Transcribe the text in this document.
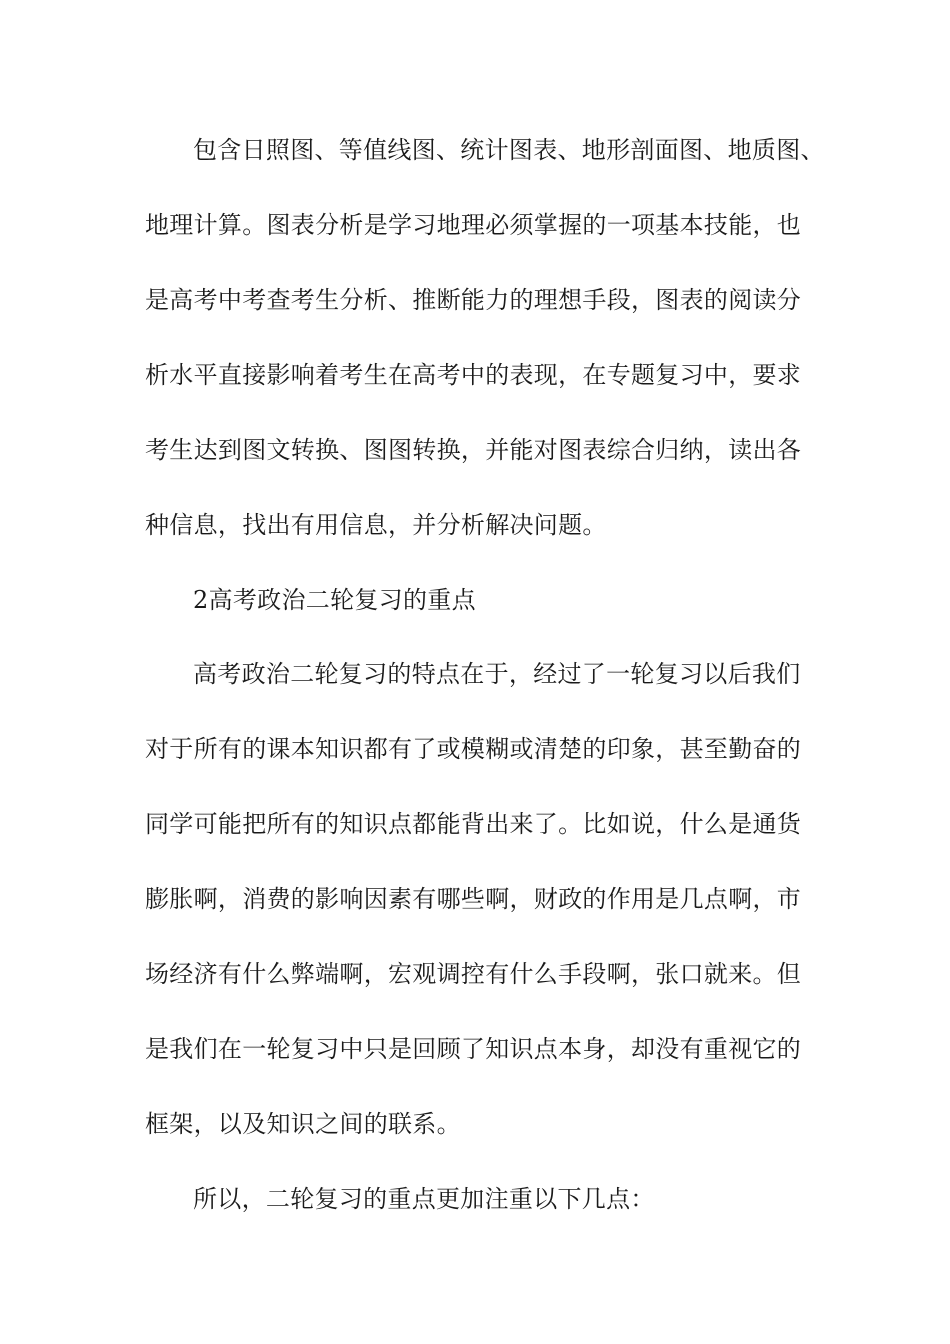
包含日照图、等值线图、统计图表、地形剖面图、地质图、
地理计算。图表分析是学习地理必须掌握的一项基本技能，也
是高考中考查考生分析、推断能力的理想手段，图表的阅读分
析水平直接影响着考生在高考中的表现，在专题复习中，要求
考生达到图文转换、图图转换，并能对图表综合归纳，读出各
种信息，找出有用信息，并分析解决问题。
2高考政治二轮复习的重点
高考政治二轮复习的特点在于，经过了一轮复习以后我们
对于所有的课本知识都有了或模糊或清楚的印象，甚至勤奋的
同学可能把所有的知识点都能背出来了。比如说，什么是通货
膨胀啊，消费的影响因素有哪些啊，财政的作用是几点啊，市
场经济有什么弊端啊，宏观调控有什么手段啊，张口就来。但
是我们在一轮复习中只是回顾了知识点本身，却没有重视它的
框架，以及知识之间的联系。
所以，二轮复习的重点更加注重以下几点：
